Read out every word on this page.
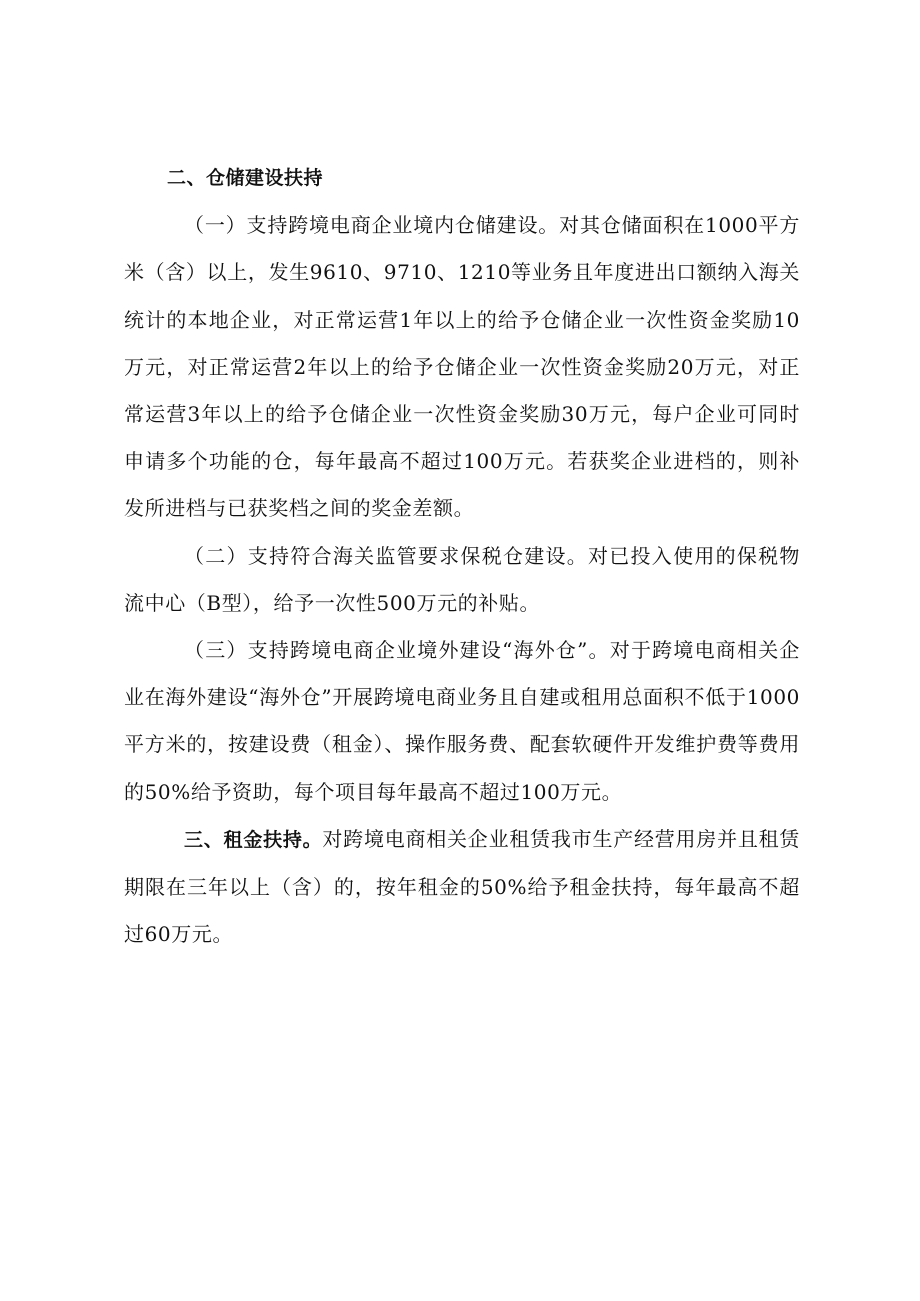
二、仓储建设扶持

（一）支持跨境电商企业境内仓储建设。对其仓储面积在1000平方米（含）以上，发生9610、9710、1210等业务且年度进出口额纳入海关统计的本地企业，对正常运营1年以上的给予仓储企业一次性资金奖励10万元，对正常运营2年以上的给予仓储企业一次性资金奖励20万元，对正常运营3年以上的给予仓储企业一次性资金奖励30万元，每户企业可同时申请多个功能的仓，每年最高不超过100万元。若获奖企业进档的，则补发所进档与已获奖档之间的奖金差额。

（二）支持符合海关监管要求保税仓建设。对已投入使用的保税物流中心（B型），给予一次性500万元的补贴。

（三）支持跨境电商企业境外建设“海外仓”。对于跨境电商相关企业在海外建设“海外仓”开展跨境电商业务且自建或租用总面积不低于1000平方米的，按建设费（租金）、操作服务费、配套软硬件开发维护费等费用的50%给予资助，每个项目每年最高不超过100万元。

三、租金扶持。对跨境电商相关企业租赁我市生产经营用房并且租赁期限在三年以上（含）的，按年租金的50%给予租金扶持，每年最高不超过60万元。
